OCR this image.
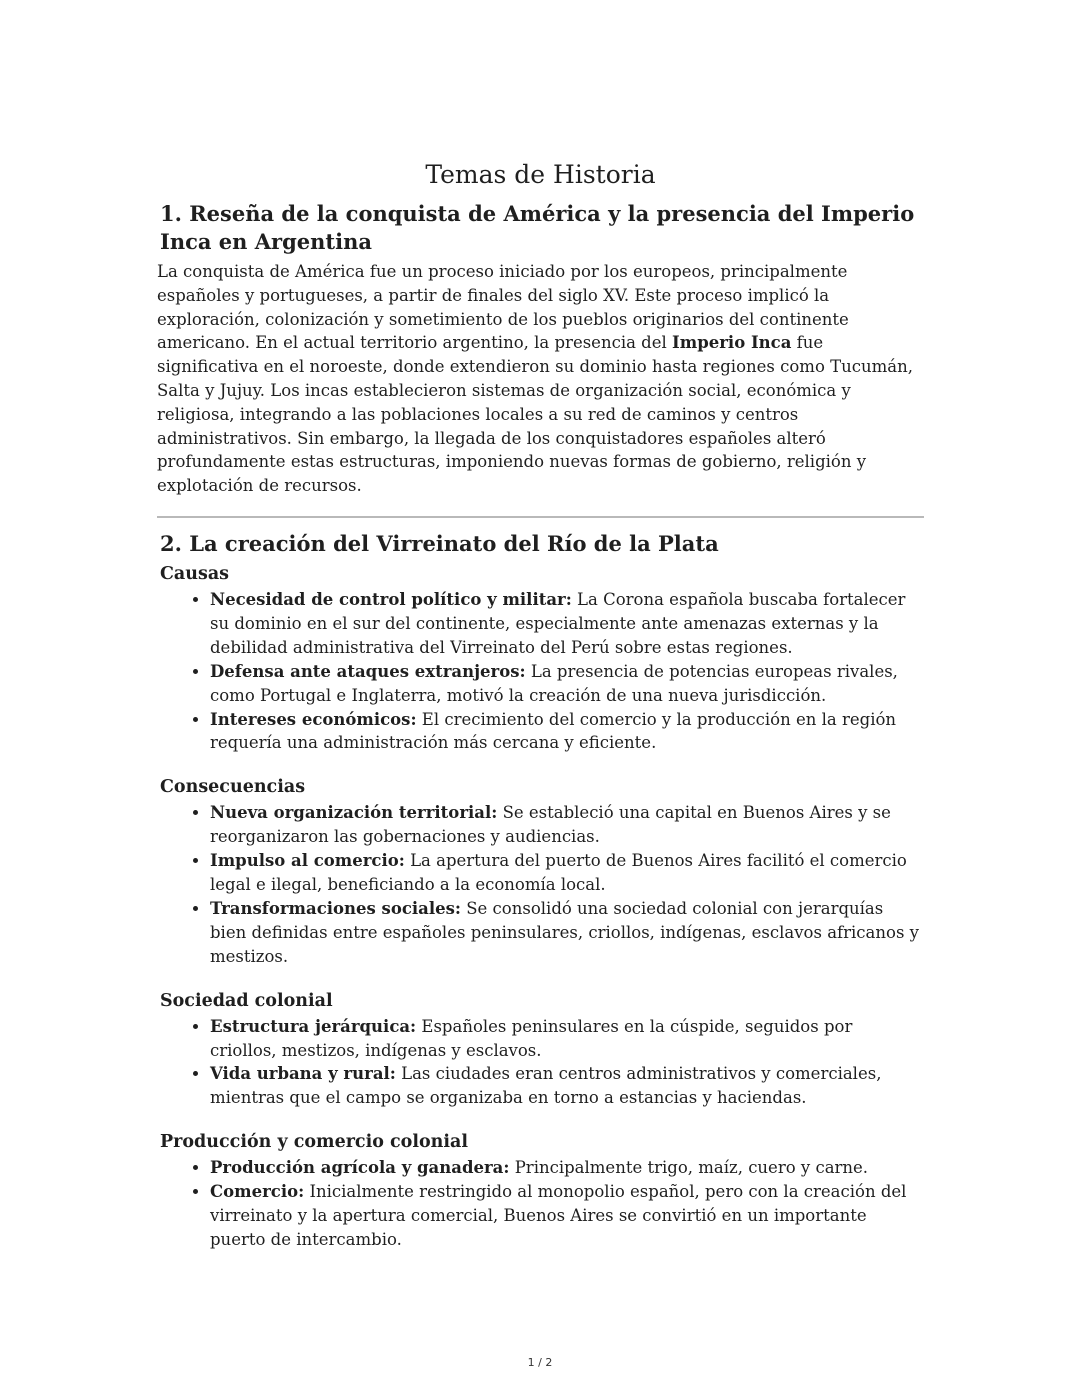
Temas de Historia
1. Reseña de la conquista de América y la presencia del Imperio Inca en Argentina

La conquista de América fue un proceso iniciado por los europeos, principalmente españoles y portugueses, a partir de finales del siglo XV. Este proceso implicó la exploración, colonización y sometimiento de los pueblos originarios del continente americano. En el actual territorio argentino, la presencia del Imperio Inca fue significativa en el noroeste, donde extendieron su dominio hasta regiones como Tucumán, Salta y Jujuy. Los incas establecieron sistemas de organización social, económica y religiosa, integrando a las poblaciones locales a su red de caminos y centros administrativos. Sin embargo, la llegada de los conquistadores españoles alteró profundamente estas estructuras, imponiendo nuevas formas de gobierno, religión y explotación de recursos.

2. La creación del Virreinato del Río de la Plata
Causas
• Necesidad de control político y militar: La Corona española buscaba fortalecer su dominio en el sur del continente, especialmente ante amenazas externas y la debilidad administrativa del Virreinato del Perú sobre estas regiones.
• Defensa ante ataques extranjeros: La presencia de potencias europeas rivales, como Portugal e Inglaterra, motivó la creación de una nueva jurisdicción.
• Intereses económicos: El crecimiento del comercio y la producción en la región requería una administración más cercana y eficiente.
Consecuencias
• Nueva organización territorial: Se estableció una capital en Buenos Aires y se reorganizaron las gobernaciones y audiencias.
• Impulso al comercio: La apertura del puerto de Buenos Aires facilitó el comercio legal e ilegal, beneficiando a la economía local.
• Transformaciones sociales: Se consolidó una sociedad colonial con jerarquías bien definidas entre españoles peninsulares, criollos, indígenas, esclavos africanos y mestizos.
Sociedad colonial
• Estructura jerárquica: Españoles peninsulares en la cúspide, seguidos por criollos, mestizos, indígenas y esclavos.
• Vida urbana y rural: Las ciudades eran centros administrativos y comerciales, mientras que el campo se organizaba en torno a estancias y haciendas.
Producción y comercio colonial
• Producción agrícola y ganadera: Principalmente trigo, maíz, cuero y carne.
• Comercio: Inicialmente restringido al monopolio español, pero con la creación del virreinato y la apertura comercial, Buenos Aires se convirtió en un importante puerto de intercambio.
1 / 2
